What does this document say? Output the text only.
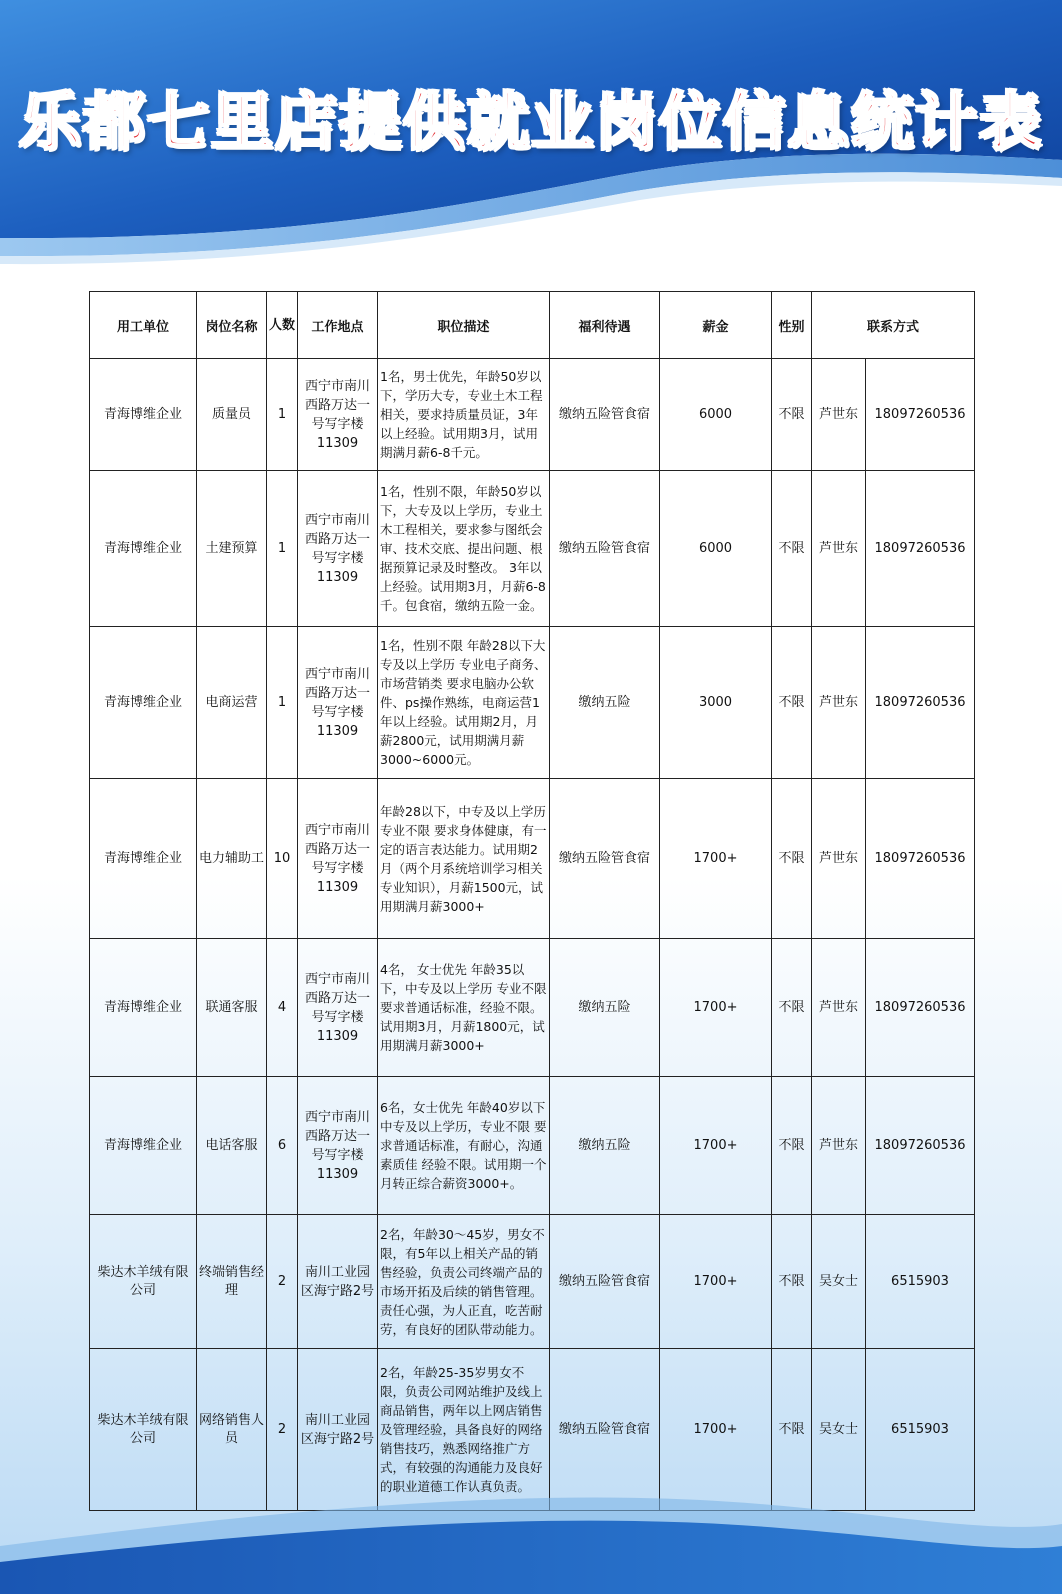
乐都七里店提供就业岗位信息统计表
用工单位	岗位名称	人数	工作地点	职位描述	福利待遇	薪金	性别	联系方式	
青海博维企业	质量员	1	西宁市南川西路万达一号写字楼11309	1名，男士优先，年龄50岁以下，学历大专，专业土木工程相关，要求持质量员证，3年以上经验。试用期3月，试用期满月薪6-8千元。	缴纳五险管食宿	6000	不限	芦世东	18097260536
青海博维企业	土建预算	1	西宁市南川西路万达一号写字楼11309	1名，性别不限，年龄50岁以下，大专及以上学历，专业土木工程相关，要求参与图纸会审、技术交底、提出问题、根据预算记录及时整改。 3年以上经验。试用期3月，月薪6-8千。包食宿，缴纳五险一金。	缴纳五险管食宿	6000	不限	芦世东	18097260536
青海博维企业	电商运营	1	西宁市南川西路万达一号写字楼11309	1名，性别不限 年龄28以下大专及以上学历 专业电子商务、市场营销类 要求电脑办公软件、ps操作熟练，电商运营1年以上经验。试用期2月，月薪2800元，试用期满月薪3000~6000元。	缴纳五险	3000	不限	芦世东	18097260536
青海博维企业	电力辅助工	10	西宁市南川西路万达一号写字楼11309	年龄28以下，中专及以上学历专业不限 要求身体健康，有一定的语言表达能力。试用期2月（两个月系统培训学习相关专业知识），月薪1500元，试用期满月薪3000+	缴纳五险管食宿	1700+	不限	芦世东	18097260536
青海博维企业	联通客服	4	西宁市南川西路万达一号写字楼11309	4名， 女士优先 年龄35以下，中专及以上学历 专业不限 要求普通话标准，经验不限。试用期3月，月薪1800元，试用期满月薪3000+	缴纳五险	1700+	不限	芦世东	18097260536
青海博维企业	电话客服	6	西宁市南川西路万达一号写字楼11309	6名，女士优先 年龄40岁以下 中专及以上学历，专业不限 要求普通话标准，有耐心，沟通素质佳 经验不限。试用期一个月转正综合薪资3000+。	缴纳五险	1700+	不限	芦世东	18097260536
柴达木羊绒有限公司	终端销售经理	2	南川工业园区海宁路2号	2名，年龄30～45岁，男女不限，有5年以上相关产品的销售经验，负责公司终端产品的市场开拓及后续的销售管理。责任心强，为人正直，吃苦耐劳，有良好的团队带动能力。	缴纳五险管食宿	1700+	不限	吴女士	6515903
柴达木羊绒有限公司	网络销售人员	2	南川工业园区海宁路2号	2名，年龄25-35岁男女不限，负责公司网站维护及线上商品销售，两年以上网店销售及管理经验，具备良好的网络销售技巧，熟悉网络推广方式，有较强的沟通能力及良好的职业道德工作认真负责。	缴纳五险管食宿	1700+	不限	吴女士	6515903
